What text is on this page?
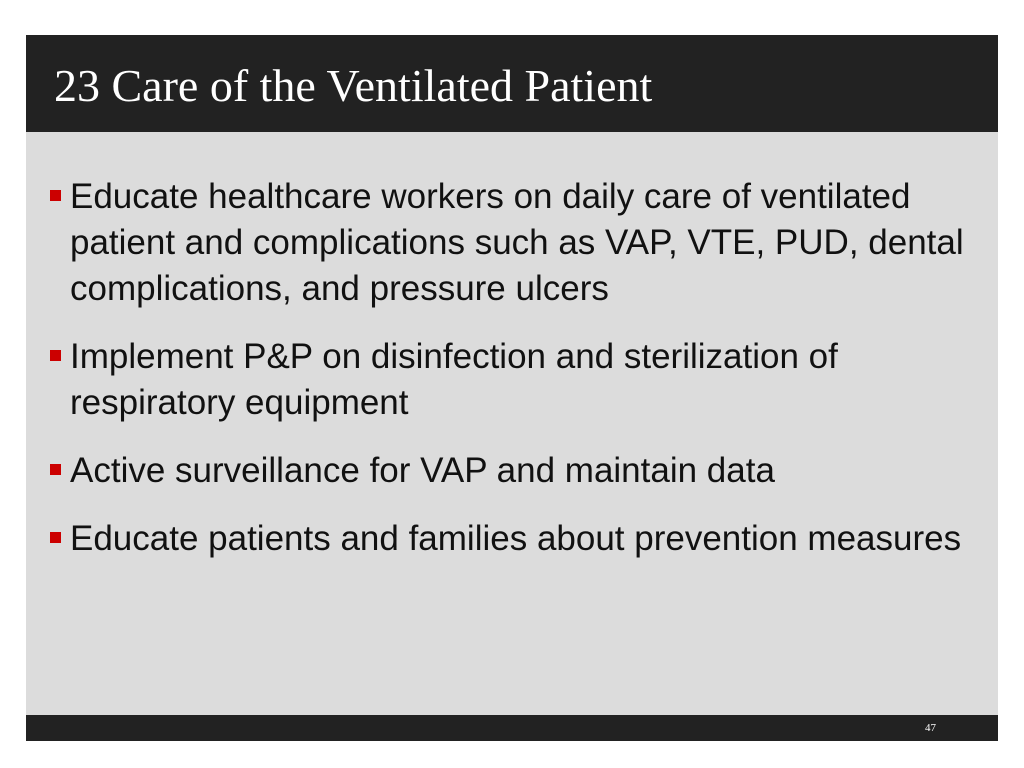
23 Care of the Ventilated Patient
Educate healthcare workers on daily care of ventilated patient and complications such as VAP, VTE, PUD, dental complications, and pressure ulcers
Implement P&P on disinfection and sterilization of respiratory equipment
Active surveillance for VAP and maintain data
Educate patients and families about prevention measures
47
